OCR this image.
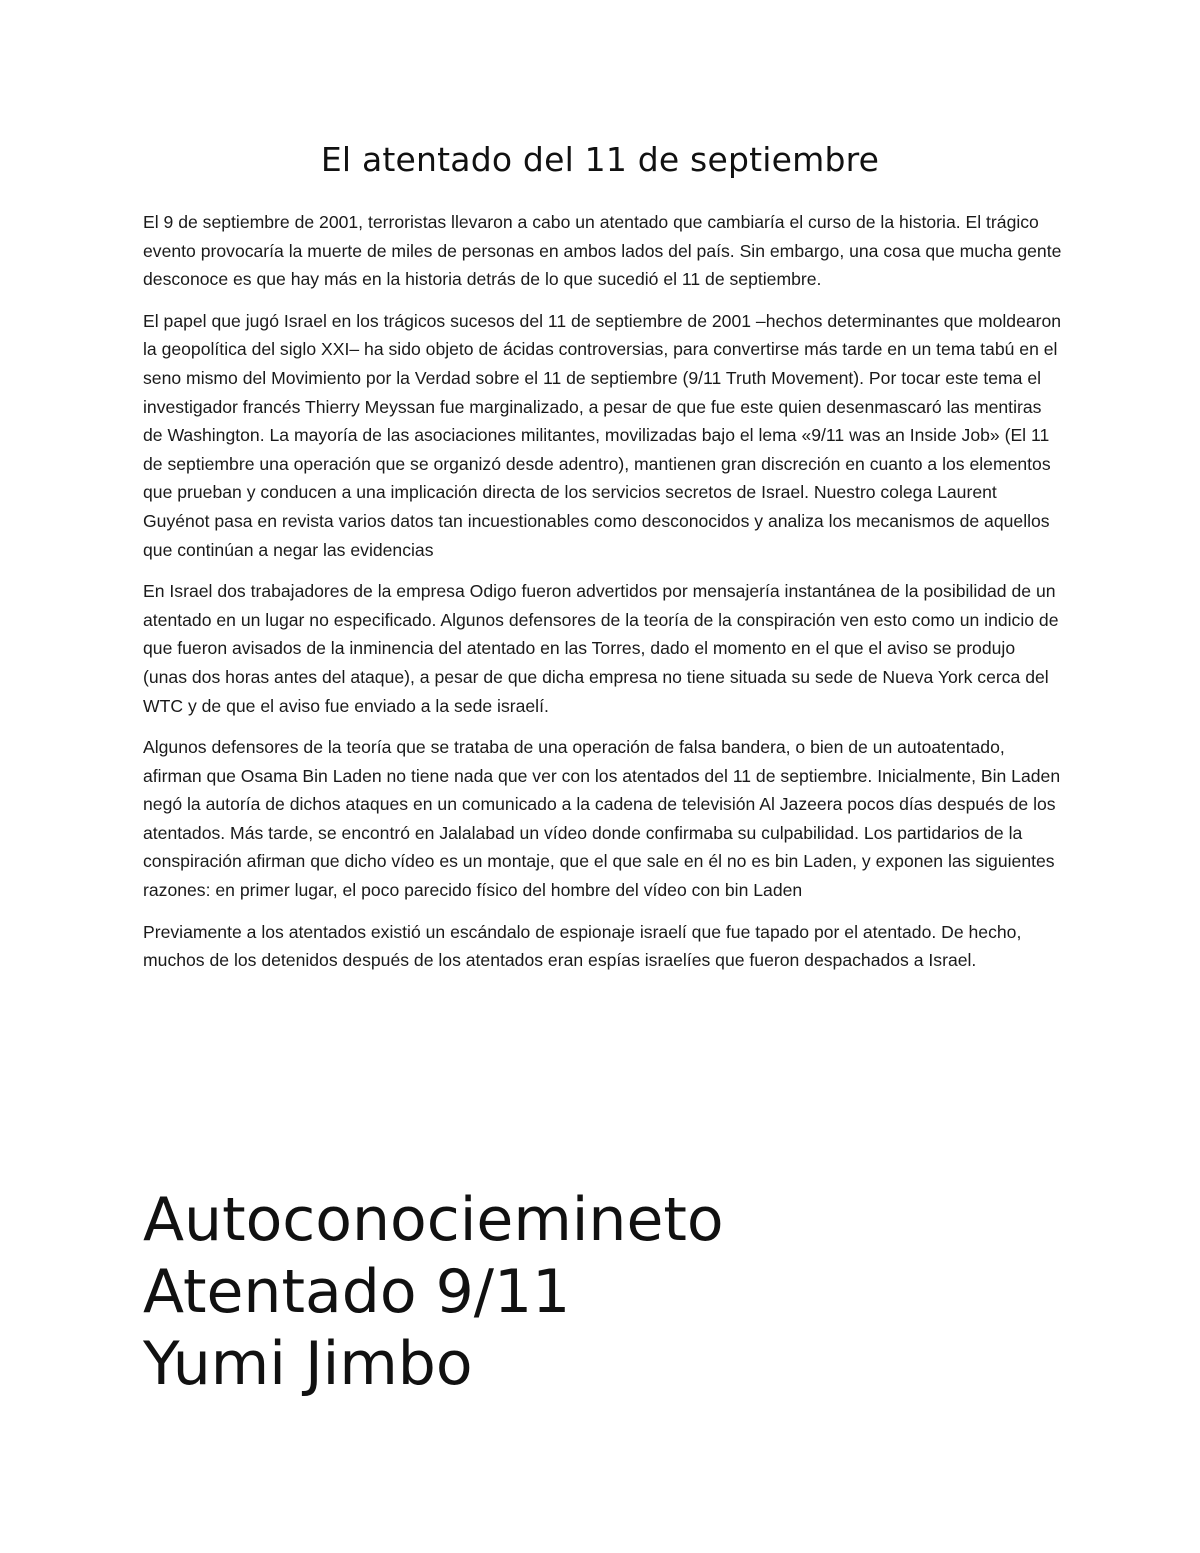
El atentado del 11 de septiembre

El 9 de septiembre de 2001, terroristas llevaron a cabo un atentado que cambiaría el curso de la historia. El trágico evento provocaría la muerte de miles de personas en ambos lados del país. Sin embargo, una cosa que mucha gente desconoce es que hay más en la historia detrás de lo que sucedió el 11 de septiembre.

El papel que jugó Israel en los trágicos sucesos del 11 de septiembre de 2001 –hechos determinantes que moldearon la geopolítica del siglo XXI– ha sido objeto de ácidas controversias, para convertirse más tarde en un tema tabú en el seno mismo del Movimiento por la Verdad sobre el 11 de septiembre (9/11 Truth Movement). Por tocar este tema el investigador francés Thierry Meyssan fue marginalizado, a pesar de que fue este quien desenmascaró las mentiras de Washington. La mayoría de las asociaciones militantes, movilizadas bajo el lema «9/11 was an Inside Job» (El 11 de septiembre una operación que se organizó desde adentro), mantienen gran discreción en cuanto a los elementos que prueban y conducen a una implicación directa de los servicios secretos de Israel. Nuestro colega Laurent Guyénot pasa en revista varios datos tan incuestionables como desconocidos y analiza los mecanismos de aquellos que continúan a negar las evidencias

En Israel dos trabajadores de la empresa Odigo fueron advertidos por mensajería instantánea de la posibilidad de un atentado en un lugar no especificado. Algunos defensores de la teoría de la conspiración ven esto como un indicio de que fueron avisados de la inminencia del atentado en las Torres, dado el momento en el que el aviso se produjo (unas dos horas antes del ataque), a pesar de que dicha empresa no tiene situada su sede de Nueva York cerca del WTC y de que el aviso fue enviado a la sede israelí.

Algunos defensores de la teoría que se trataba de una operación de falsa bandera, o bien de un autoatentado, afirman que Osama Bin Laden no tiene nada que ver con los atentados del 11 de septiembre. Inicialmente, Bin Laden negó la autoría de dichos ataques en un comunicado a la cadena de televisión Al Jazeera pocos días después de los atentados. Más tarde, se encontró en Jalalabad un vídeo donde confirmaba su culpabilidad. Los partidarios de la conspiración afirman que dicho vídeo es un montaje, que el que sale en él no es bin Laden, y exponen las siguientes razones: en primer lugar, el poco parecido físico del hombre del vídeo con bin Laden

Previamente a los atentados existió un escándalo de espionaje israelí que fue tapado por el atentado. De hecho, muchos de los detenidos después de los atentados eran espías israelíes que fueron despachados a Israel.

Autoconociemineto

Atentado 9/11

Yumi Jimbo
